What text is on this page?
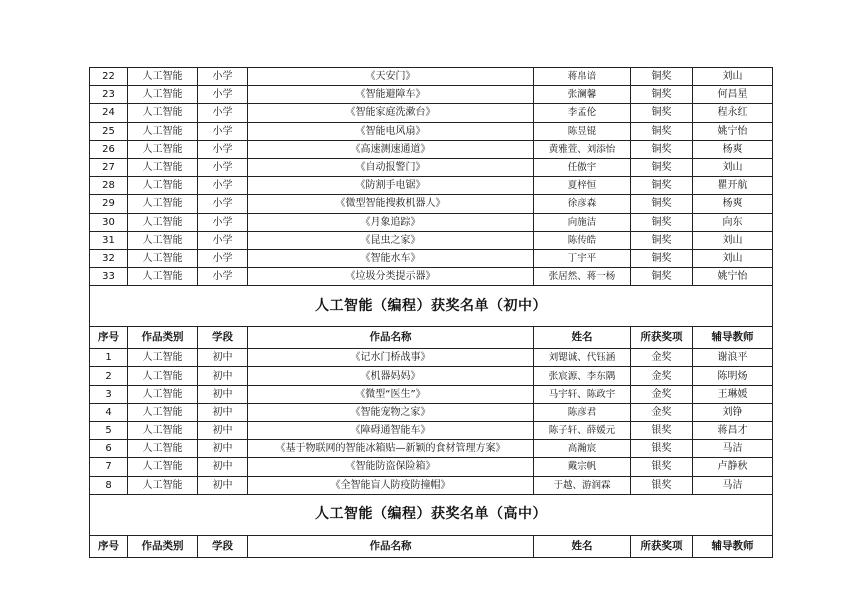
22	人工智能	小学	《天安门》	蒋帛谙	铜奖	刘山
23	人工智能	小学	《智能避障车》	张澜馨	铜奖	何昌星
24	人工智能	小学	《智能家庭洗漱台》	李孟伦	铜奖	程永红
25	人工智能	小学	《智能电风扇》	陈昱锟	铜奖	姚宁怡
26	人工智能	小学	《高速测速通道》	黄雅萱、刘添怡	铜奖	杨爽
27	人工智能	小学	《自动报警门》	任傲宇	铜奖	刘山
28	人工智能	小学	《防割手电锯》	夏梓恒	铜奖	瞿开航
29	人工智能	小学	《微型智能搜救机器人》	徐彦森	铜奖	杨爽
30	人工智能	小学	《月象追踪》	向施洁	铜奖	向东
31	人工智能	小学	《昆虫之家》	陈传皓	铜奖	刘山
32	人工智能	小学	《智能水车》	丁宇平	铜奖	刘山
33	人工智能	小学	《垃圾分类提示器》	张居然、蒋一杨	铜奖	姚宁怡
人工智能（编程）获奖名单（初中）						
序号	作品类别	学段	作品名称	姓名	所获奖项	辅导教师
1	人工智能	初中	《记水门桥战事》	刘锶诚、代钰涵	金奖	谢浪平
2	人工智能	初中	《机器妈妈》	张宸源、李东隅	金奖	陈明炀
3	人工智能	初中	《微型“医生”》	马宇轩、陈政宇	金奖	王琳媛
4	人工智能	初中	《智能宠物之家》	陈彦君	金奖	刘铮
5	人工智能	初中	《障碍通智能车》	陈子轩、薛媛元	银奖	蒋昌才
6	人工智能	初中	《基于物联网的智能冰箱贴—新颖的食材管理方案》	高瀚宸	银奖	马洁
7	人工智能	初中	《智能防盗保险箱》	戴宗帆	银奖	卢静秋
8	人工智能	初中	《全智能盲人防疫防撞帽》	于越、游润霖	银奖	马洁
人工智能（编程）获奖名单（高中）						
序号	作品类别	学段	作品名称	姓名	所获奖项	辅导教师
